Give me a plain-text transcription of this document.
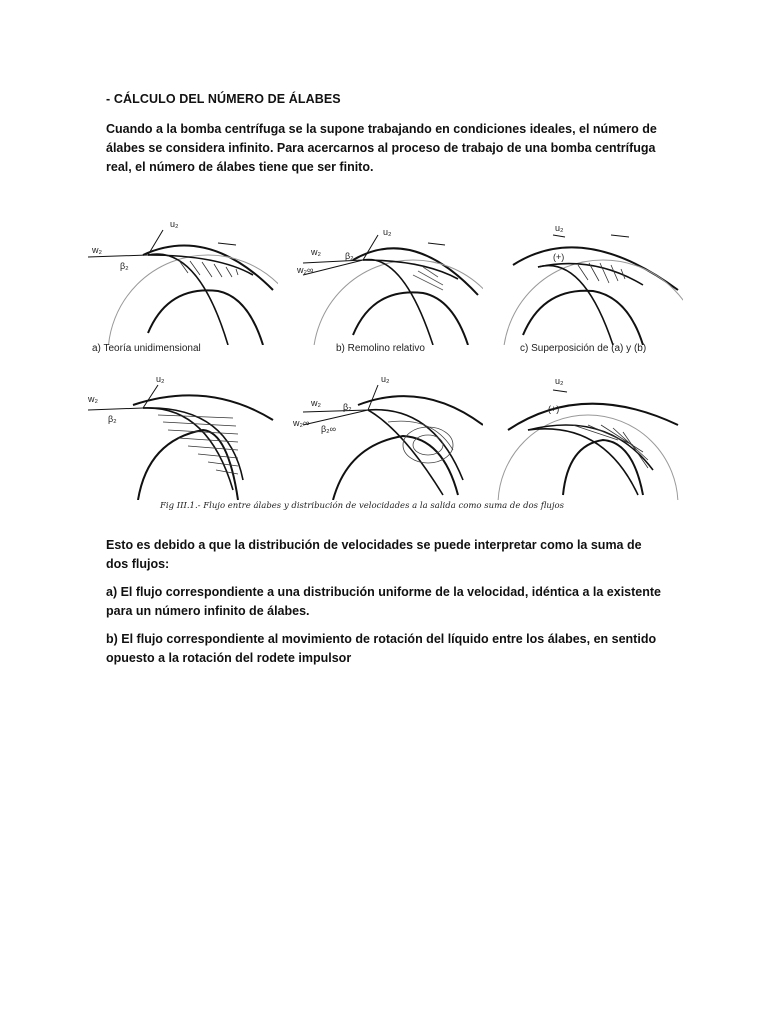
- CÁLCULO DEL NÚMERO DE ÁLABES
Cuando a la bomba centrífuga se la supone trabajando en condiciones ideales, el número de álabes se considera infinito. Para acercarnos al proceso de trabajo de una bomba centrífuga real, el número de álabes tiene que ser finito.
u₂
w₂
β₂
a) Teoría unidimensional
u₂
w₂
w₂∞
β₂
b) Remolino relativo
u₂
(+)
c) Superposición de (a) y (b)
u₂
w₂
β₂
u₂
w₂
w₂∞
β₂
β₂∞
u₂
(+)
Fig III.1.- Flujo entre álabes y distribución de velocidades a la salida como suma de dos flujos
Esto es debido a que la distribución de velocidades se puede interpretar como la suma de dos flujos:
a) El flujo correspondiente a una distribución uniforme de la velocidad, idéntica a la existente para un número infinito de álabes.
b) El flujo correspondiente al movimiento de rotación del líquido entre los álabes, en sentido opuesto a la rotación del rodete impulsor
